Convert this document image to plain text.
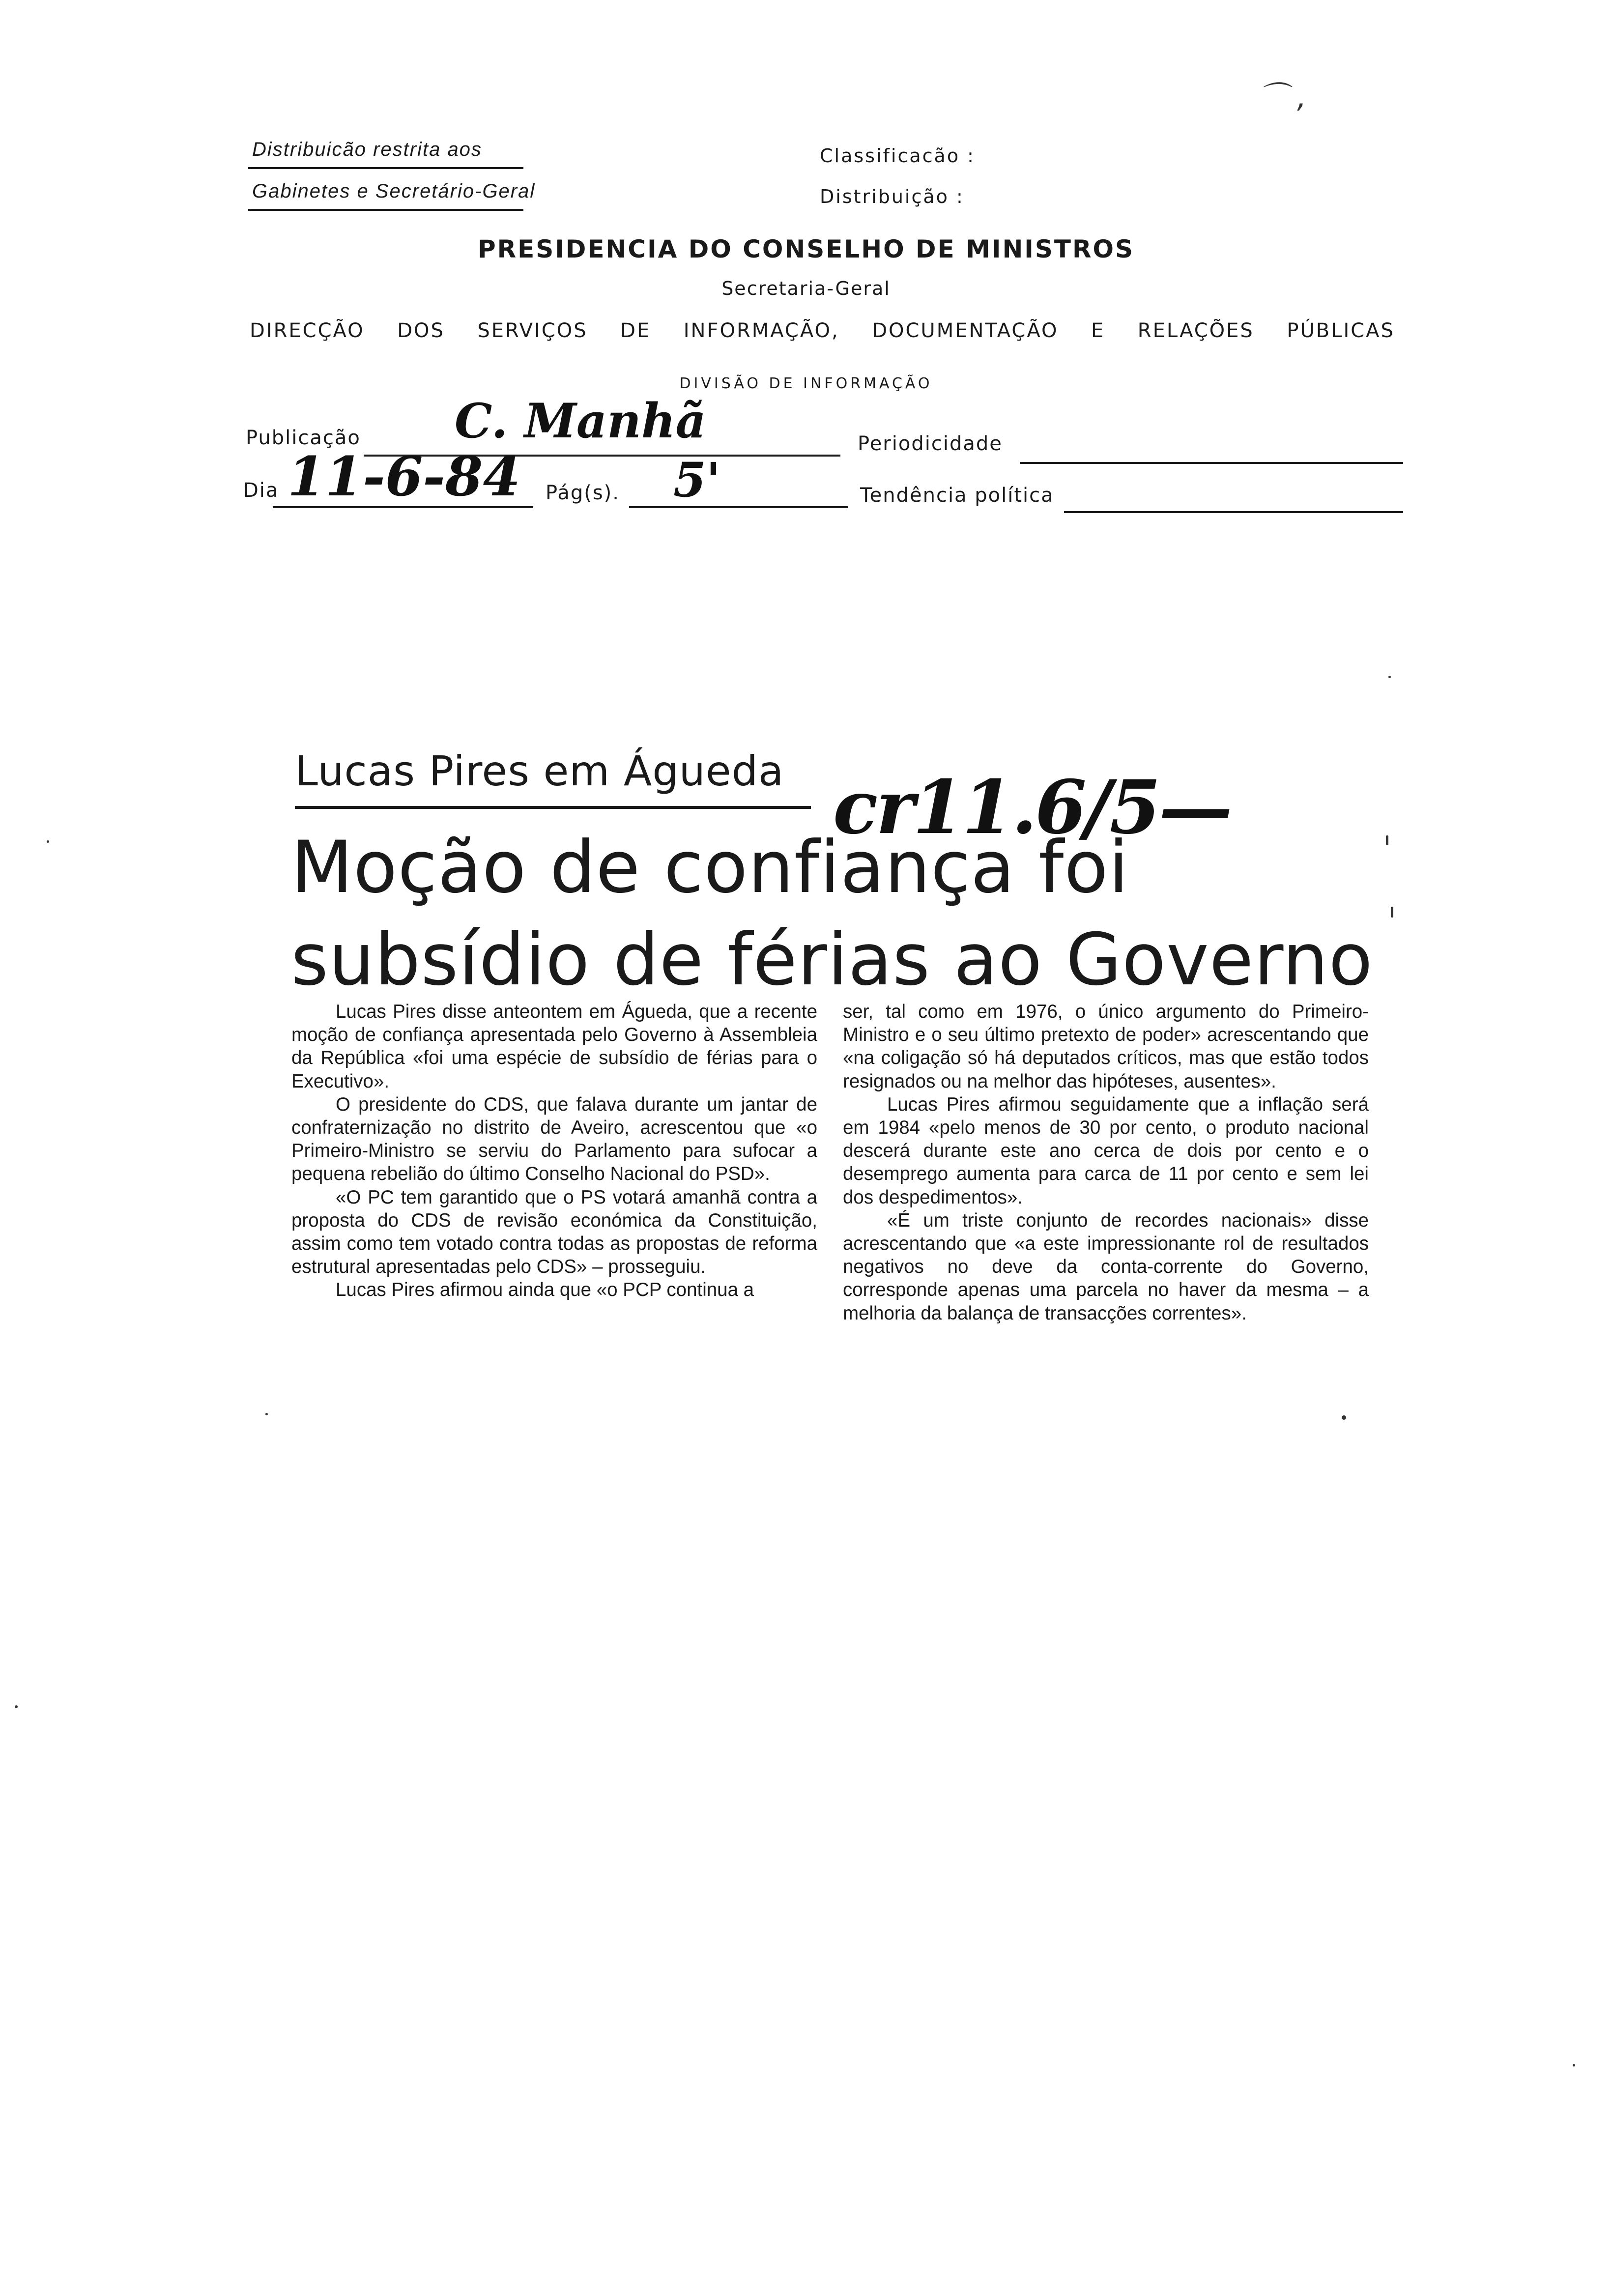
Distribuicão restrita aos
Gabinetes e Secretário-Geral
Classificacão :
Distribuição :
⌒ ,
PRESIDENCIA DO CONSELHO DE MINISTROS
Secretaria-Geral
DIRECÇÃO DOS SERVIÇOS DE INFORMAÇÃO, DOCUMENTAÇÃO E RELAÇÕES PÚBLICAS
DIVISÃO DE INFORMAÇÃO
Publicação C. Manhã	Periodicidade
Dia 11-6-84 Pág(s). 5'	Tendência política
Lucas Pires em Águeda
Moção de confiança foi
subsídio de férias ao Governo
cr11.6/5—

Lucas Pires disse anteontem em Águeda, que a recente moção de confiança apresentada pelo Governo à Assembleia da República «foi uma espécie de subsídio de férias para o Executivo».

O presidente do CDS, que falava durante um jantar de confraternização no distrito de Aveiro, acrescentou que «o Primeiro-Ministro se serviu do Parlamento para sufocar a pequena rebelião do último Conselho Nacional do PSD».

«O PC tem garantido que o PS votará amanhã contra a proposta do CDS de revisão económica da Constituição, assim como tem votado contra todas as propostas de reforma estrutural apresentadas pelo CDS» – prosseguiu.

Lucas Pires afirmou ainda que «o PCP continua a

ser, tal como em 1976, o único argumento do Primeiro-Ministro e o seu último pretexto de poder» acrescentando que «na coligação só há deputados críticos, mas que estão todos resignados ou na melhor das hipóteses, ausentes».

Lucas Pires afirmou seguidamente que a inflação será em 1984 «pelo menos de 30 por cento, o produto nacional descerá durante este ano cerca de dois por cento e o desemprego aumenta para carca de 11 por cento e sem lei dos despedimentos».

«É um triste conjunto de recordes nacionais» disse acrescentando que «a este impressionante rol de resultados negativos no deve da conta-corrente do Governo, corresponde apenas uma parcela no haver da mesma – a melhoria da balança de transacções correntes».
